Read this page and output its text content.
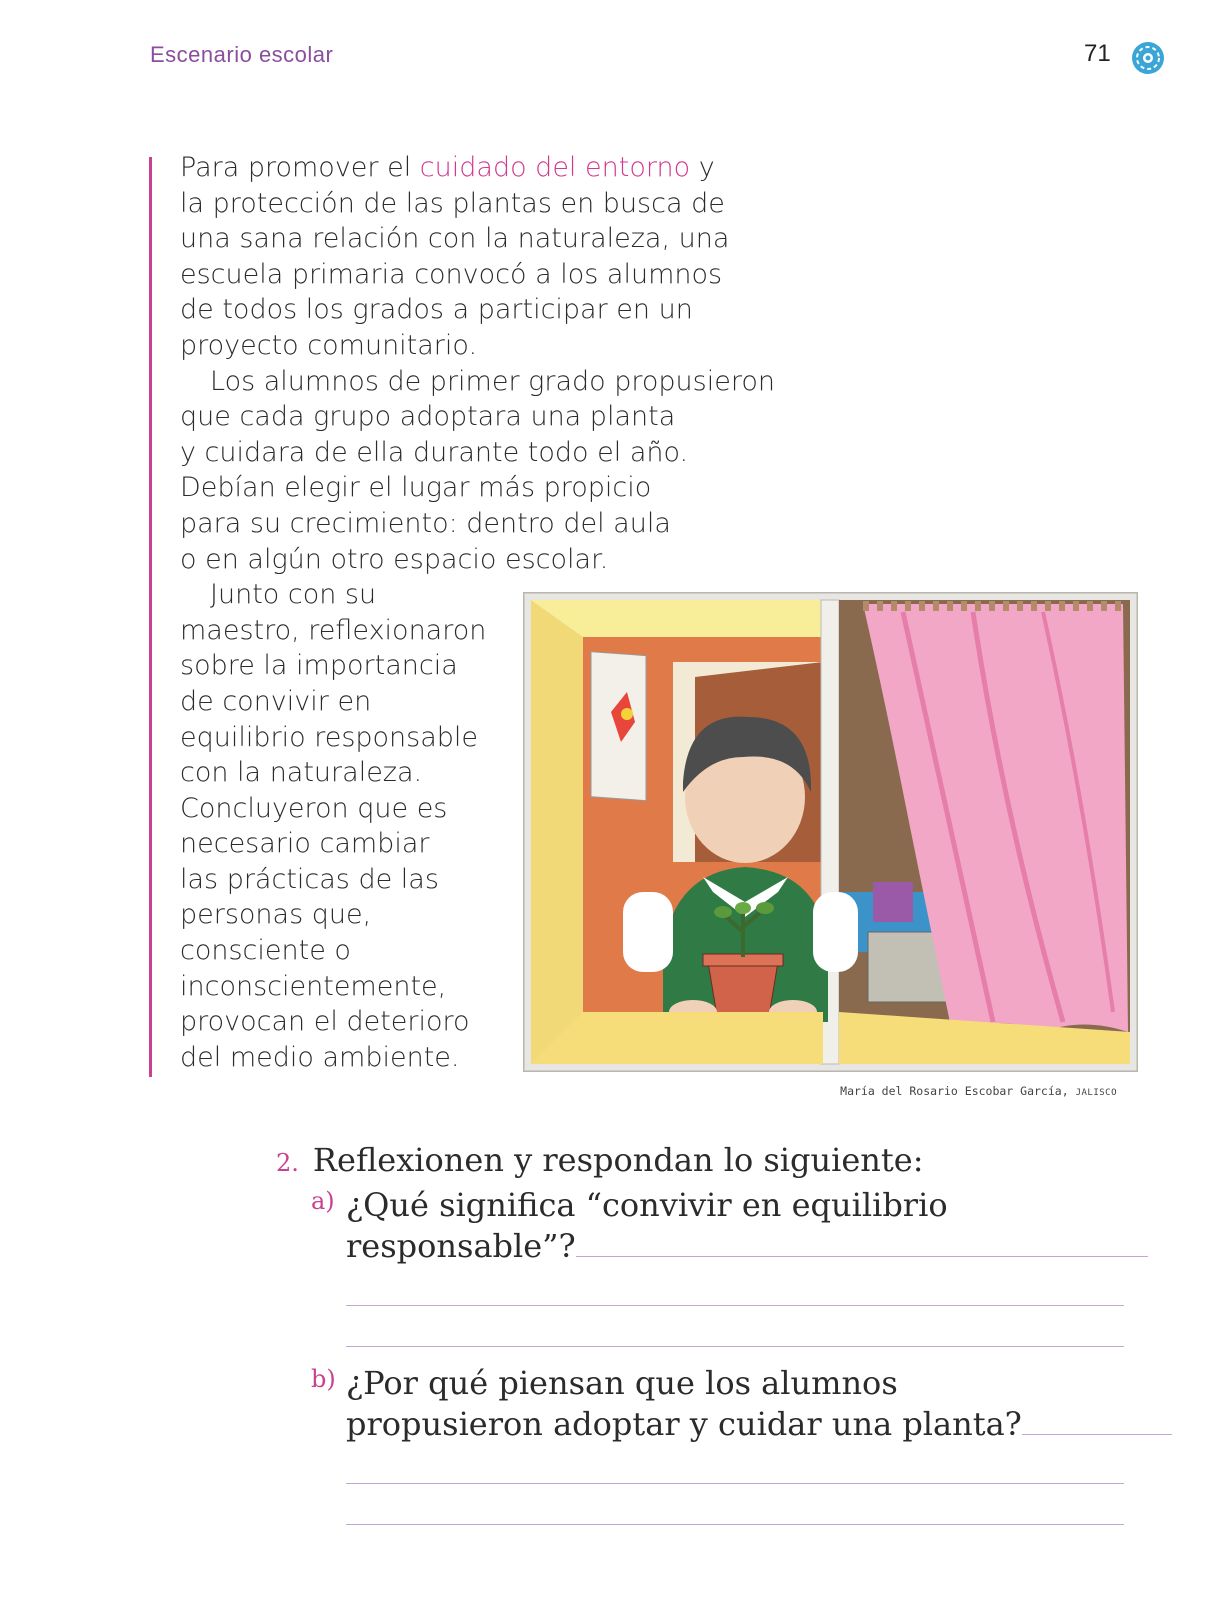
Escenario escolar	71
Para promover el cuidado del entorno y
la protección de las plantas en busca de
una sana relación con la naturaleza, una
escuela primaria convocó a los alumnos
de todos los grados a participar en un
proyecto comunitario.
Los alumnos de primer grado propusieron
que cada grupo adoptara una planta
y cuidara de ella durante todo el año.
Debían elegir el lugar más propicio
para su crecimiento: dentro del aula
o en algún otro espacio escolar.
Junto con su
maestro, reflexionaron
sobre la importancia
de convivir en
equilibrio responsable
con la naturaleza.
Concluyeron que es
necesario cambiar
las prácticas de las
personas que,
consciente o
inconscientemente,
provocan el deterioro
del medio ambiente.
María del Rosario Escobar García, JALISCO
2. Reflexionen y respondan lo siguiente:
a) ¿Qué significa “convivir en equilibrio
responsable”?
b) ¿Por qué piensan que los alumnos
propusieron adoptar y cuidar una planta?
